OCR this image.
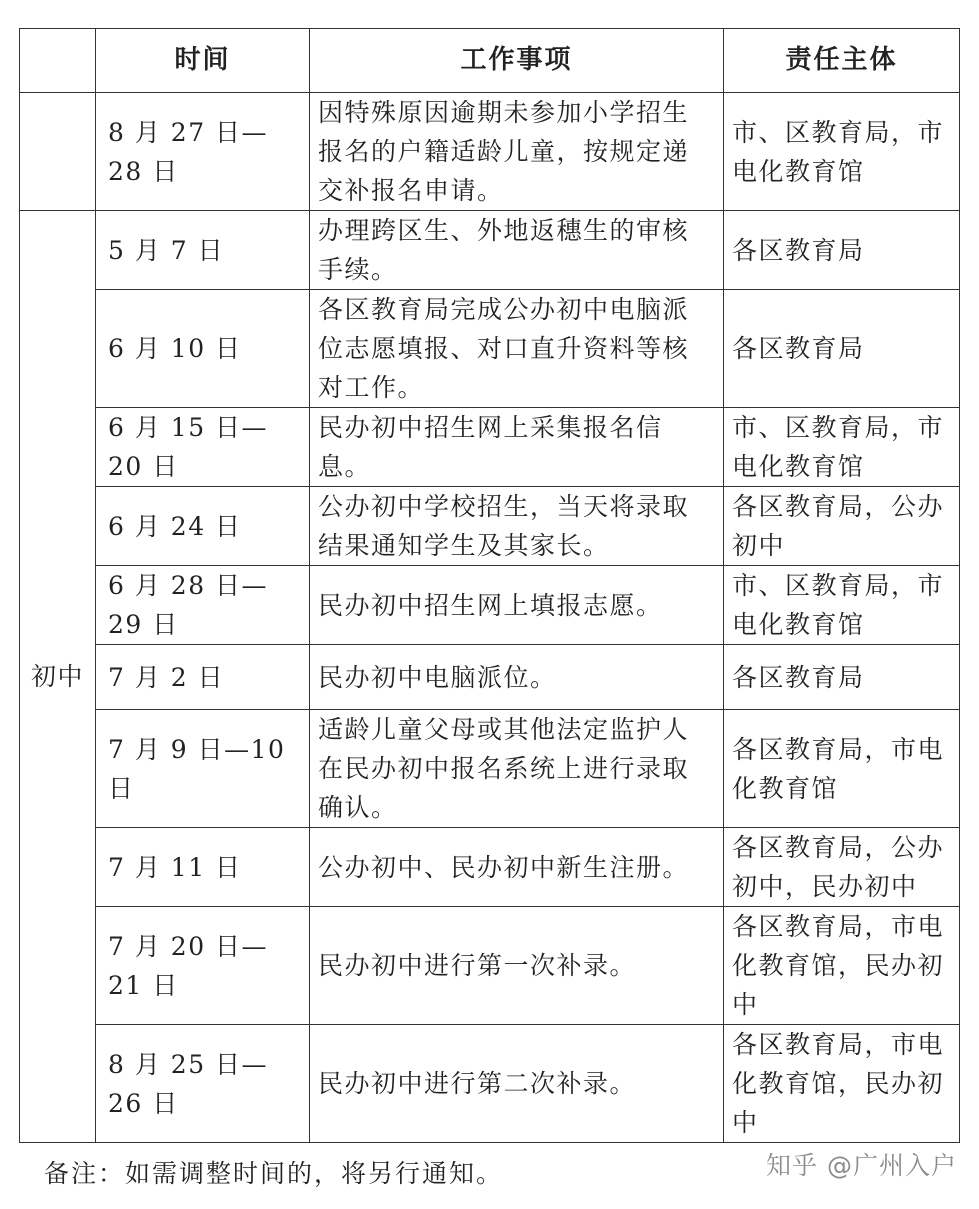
	时间	工作事项	责任主体
	8 月 27 日—28 日	因特殊原因逾期未参加小学招生报名的户籍适龄儿童，按规定递交补报名申请。	市、区教育局，市电化教育馆
初中	5 月 7 日	办理跨区生、外地返穗生的审核手续。	各区教育局
	6 月 10 日	各区教育局完成公办初中电脑派位志愿填报、对口直升资料等核对工作。	各区教育局
	6 月 15 日—20 日	民办初中招生网上采集报名信息。	市、区教育局，市电化教育馆
	6 月 24 日	公办初中学校招生，当天将录取结果通知学生及其家长。	各区教育局，公办初中
	6 月 28 日—29 日	民办初中招生网上填报志愿。	市、区教育局，市电化教育馆
	7 月 2 日	民办初中电脑派位。	各区教育局
	7 月 9 日—10 日	适龄儿童父母或其他法定监护人在民办初中报名系统上进行录取确认。	各区教育局，市电化教育馆
	7 月 11 日	公办初中、民办初中新生注册。	各区教育局，公办初中，民办初中
	7 月 20 日—21 日	民办初中进行第一次补录。	各区教育局，市电化教育馆，民办初中
	8 月 25 日—26 日	民办初中进行第二次补录。	各区教育局，市电化教育馆，民办初中
备注：如需调整时间的，将另行通知。	知乎 @广州入户
